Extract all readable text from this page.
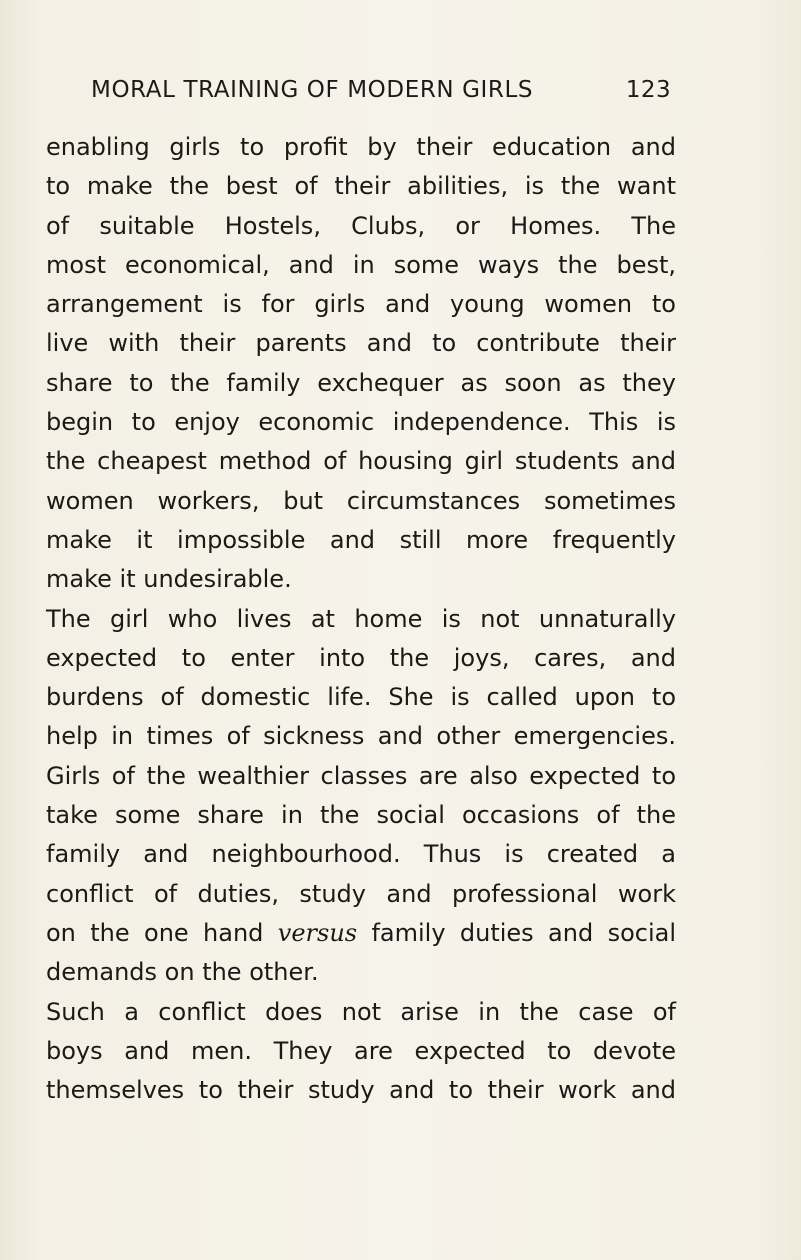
MORAL TRAINING OF MODERN GIRLS	123
enabling girls to profit by their education and
to make the best of their abilities, is the want
of suitable Hostels, Clubs, or Homes. The
most economical, and in some ways the best,
arrangement is for girls and young women to
live with their parents and to contribute their
share to the family exchequer as soon as they
begin to enjoy economic independence. This is
the cheapest method of housing girl students and
women workers, but circumstances sometimes
make it impossible and still more frequently
make it undesirable.
The girl who lives at home is not unnaturally
expected to enter into the joys, cares, and
burdens of domestic life. She is called upon to
help in times of sickness and other emergencies.
Girls of the wealthier classes are also expected to
take some share in the social occasions of the
family and neighbourhood. Thus is created a
conflict of duties, study and professional work
on the one hand versus family duties and social
demands on the other.
Such a conflict does not arise in the case of
boys and men. They are expected to devote
themselves to their study and to their work and
